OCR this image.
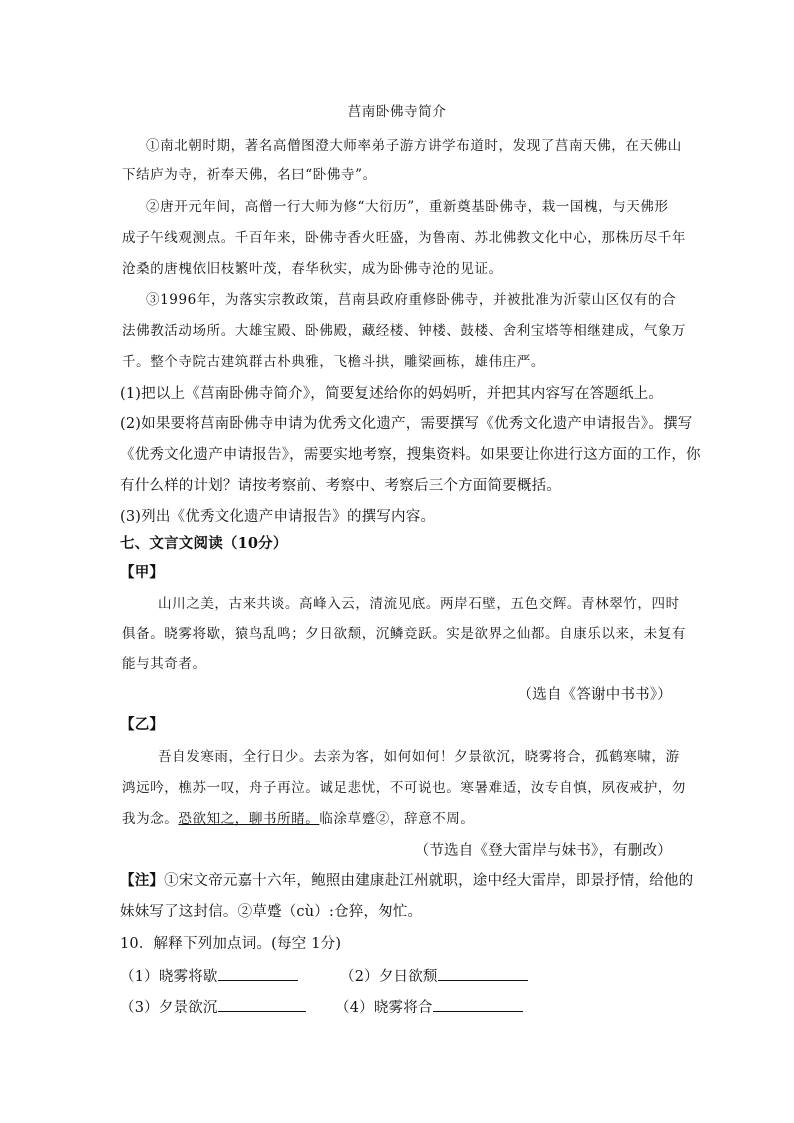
莒南卧佛寺简介
①南北朝时期，著名高僧图澄大师率弟子游方讲学布道时，发现了莒南天佛，在天佛山
下结庐为寺，祈奉天佛，名曰“卧佛寺”。
②唐开元年间，高僧一行大师为修“大衍历”，重新奠基卧佛寺，栽一国槐，与天佛形
成子午线观测点。千百年来，卧佛寺香火旺盛，为鲁南、苏北佛教文化中心，那株历尽千年
沧桑的唐槐依旧枝繁叶茂，春华秋实，成为卧佛寺沧的见证。
③1996年，为落实宗教政策，莒南县政府重修卧佛寺，并被批准为沂蒙山区仅有的合
法佛教活动场所。大雄宝殿、卧佛殿，藏经楼、钟楼、鼓楼、舍利宝塔等相继建成，气象万
千。整个寺院古建筑群古朴典雅，飞檐斗拱，雕梁画栋，雄伟庄严。
(1)把以上《莒南卧佛寺简介》，简要复述给你的妈妈听，并把其内容写在答题纸上。
(2)如果要将莒南卧佛寺申请为优秀文化遗产，需要撰写《优秀文化遗产申请报告》。撰写
《优秀文化遗产申请报告》，需要实地考察，搜集资料。如果要让你进行这方面的工作，你
有什么样的计划？请按考察前、考察中、考察后三个方面简要概括。
(3)列出《优秀文化遗产申请报告》的撰写内容。
七、文言文阅读（10分）
【甲】
山川之美，古来共谈。高峰入云，清流见底。两岸石壁，五色交辉。青林翠竹，四时
俱备。晓雾将歇，猿鸟乱鸣；夕日欲颓，沉鳞竞跃。实是欲界之仙都。自康乐以来，未复有
能与其奇者。
（选自《答谢中书书》）
【乙】
吾自发寒雨，全行日少。去亲为客，如何如何！夕景欲沉，晓雾将合，孤鹤寒啸，游
鸿远吟，樵苏一叹，舟子再泣。诚足悲忧，不可说也。寒暑难适，汝专自慎，夙夜戒护，勿
我为念。恐欲知之，聊书所睹。临涂草蹙②，辞意不周。
（节选自《登大雷岸与妹书》，有删改）
【注】①宋文帝元嘉十六年，鲍照由建康赴江州就职，途中经大雷岸，即景抒情，给他的
妹妹写了这封信。②草蹙（cù）:仓猝，匆忙。
10．解释下列加点词。(每空 1分)
（1）晓雾将歇	（2）夕日欲颓
（3）夕景欲沉	（4）晓雾将合
